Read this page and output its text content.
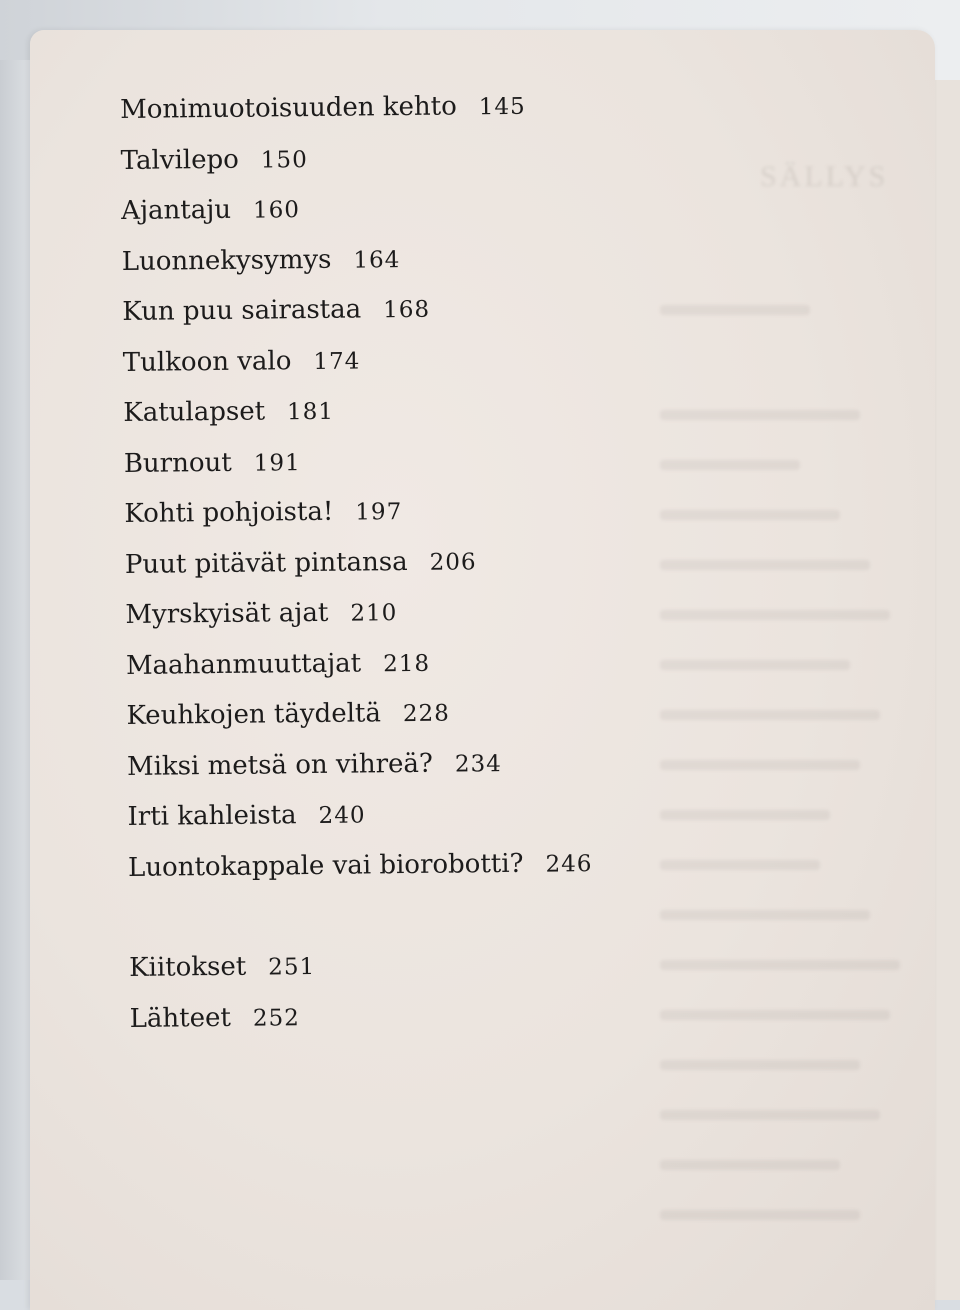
SÄLLYS
Monimuotoisuuden kehto 145
Talvilepo 150
Ajantaju 160
Luonnekysymys 164
Kun puu sairastaa 168
Tulkoon valo 174
Katulapset 181
Burnout 191
Kohti pohjoista! 197
Puut pitävät pintansa 206
Myrskyisät ajat 210
Maahanmuuttajat 218
Keuhkojen täydeltä 228
Miksi metsä on vihreä? 234
Irti kahleista 240
Luontokappale vai biorobotti? 246
Kiitokset 251
Lähteet 252
